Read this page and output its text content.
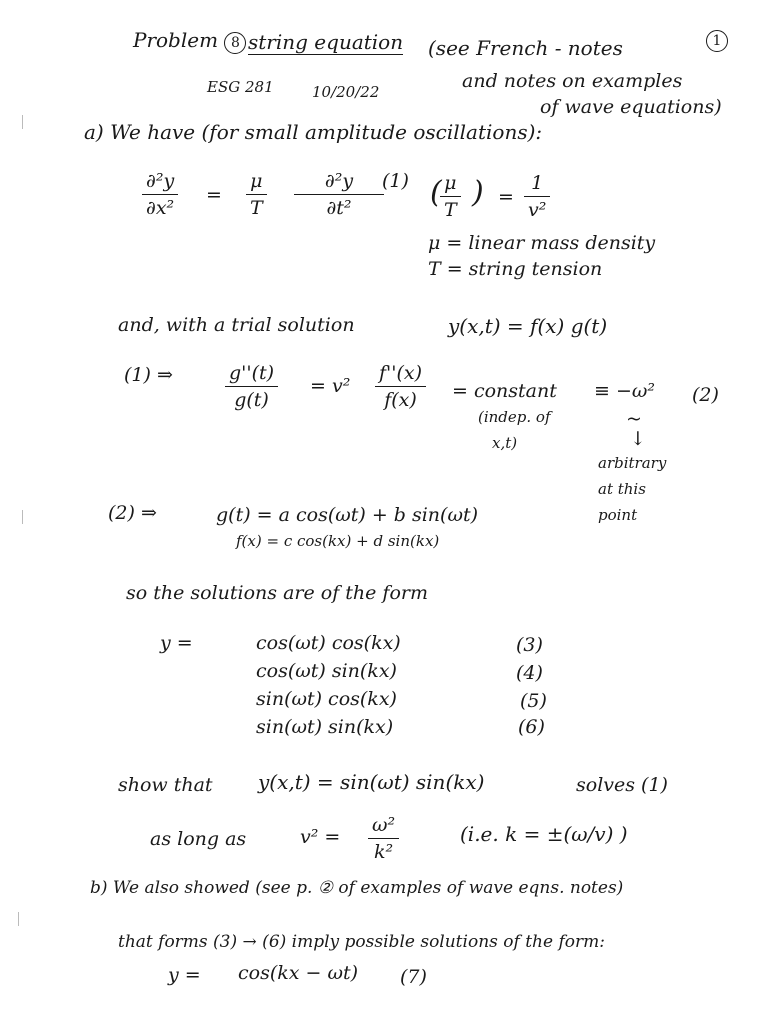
Problem 8 string equation (see French - notes	1
ESG 281	10/20/22	and notes on examples
of wave equations)
a) We have (for small amplitude oscillations):
∂²y
∂x²
=
μ
T
∂²y
∂t²
(1) ( μ
T ) =
1
v²
μ = linear mass density
T = string tension
and, with a trial solution	y(x,t) = f(x) g(t)
(1) ⇒	g''(t)
g(t)
= v²
f''(x)
f(x) = constant
(indep. of
x,t)
≡ −ω² (2)
~
↓
arbitrary
at this
point
(2) ⇒	g(t) = a cos(ωt) + b sin(ωt)
f(x) = c cos(kx) + d sin(kx)
so the solutions are of the form
y =	cos(ωt) cos(kx)	(3)
cos(ωt) sin(kx)	(4)
sin(ωt) cos(kx)	(5)
sin(ωt) sin(kx)	(6)
show that y(x,t) = sin(ωt) sin(kx)	solves (1)
as long as	v² =
ω²
k²
(i.e. k = ±(ω/v) )
b) We also showed (see p. ② of examples of wave eqns. notes)
that forms (3) → (6) imply possible solutions of the form:
y = cos(kx − ωt) (7)
